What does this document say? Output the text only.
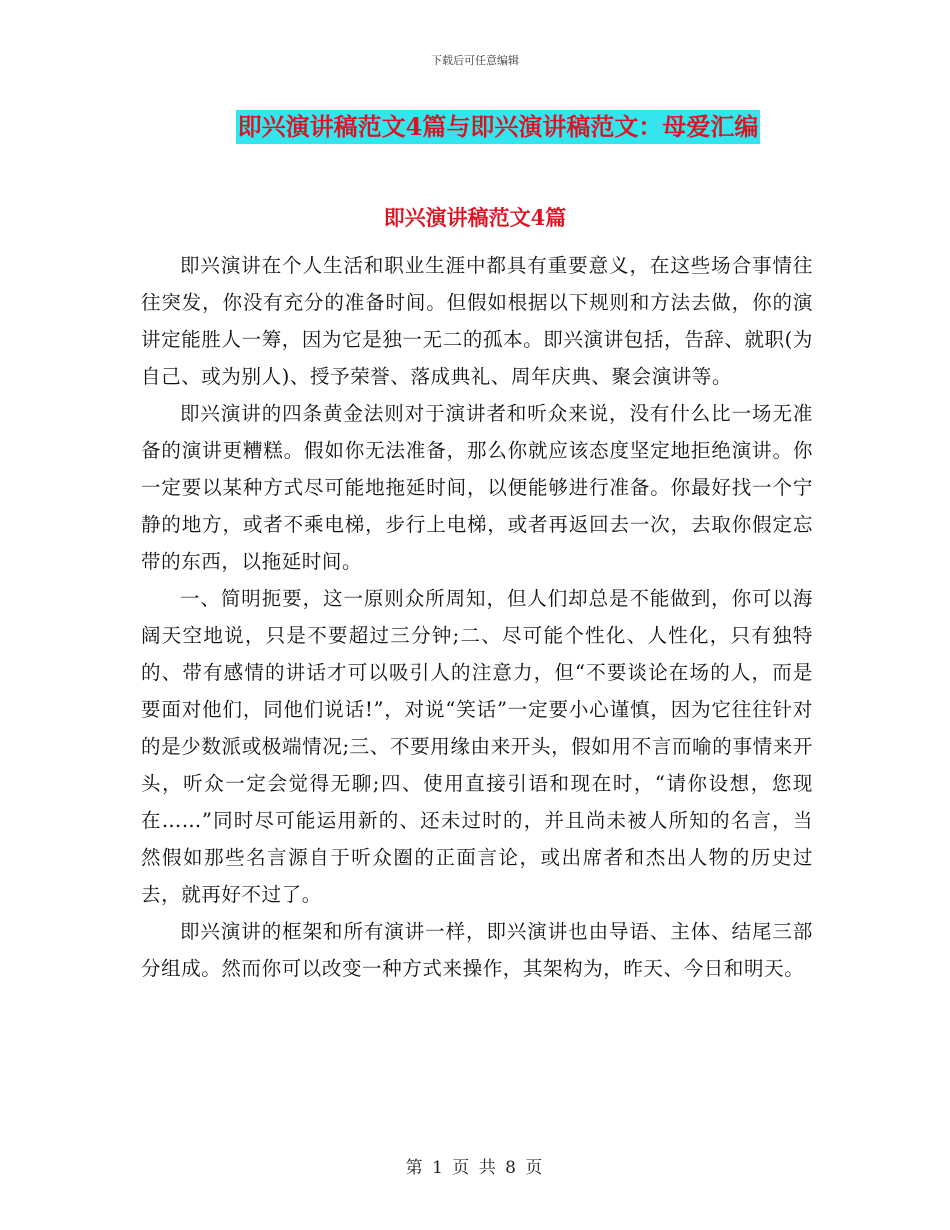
下载后可任意编辑
即兴演讲稿范文4篇与即兴演讲稿范文：母爱汇编
即兴演讲稿范文4篇

即兴演讲在个人生活和职业生涯中都具有重要意义，在这些场合事情往往突发，你没有充分的准备时间。但假如根据以下规则和方法去做，你的演讲定能胜人一筹，因为它是独一无二的孤本。即兴演讲包括，告辞、就职(为自己、或为别人)、授予荣誉、落成典礼、周年庆典、聚会演讲等。

即兴演讲的四条黄金法则对于演讲者和听众来说，没有什么比一场无准备的演讲更糟糕。假如你无法准备，那么你就应该态度坚定地拒绝演讲。你一定要以某种方式尽可能地拖延时间，以便能够进行准备。你最好找一个宁静的地方，或者不乘电梯，步行上电梯，或者再返回去一次，去取你假定忘带的东西，以拖延时间。

一、简明扼要，这一原则众所周知，但人们却总是不能做到，你可以海阔天空地说，只是不要超过三分钟;二、尽可能个性化、人性化，只有独特的、带有感情的讲话才可以吸引人的注意力，但“不要谈论在场的人，而是要面对他们，同他们说话!”，对说“笑话”一定要小心谨慎，因为它往往针对的是少数派或极端情况;三、不要用缘由来开头，假如用不言而喻的事情来开头，听众一定会觉得无聊;四、使用直接引语和现在时，“请你设想，您现在……”同时尽可能运用新的、还未过时的，并且尚未被人所知的名言，当然假如那些名言源自于听众圈的正面言论，或出席者和杰出人物的历史过去，就再好不过了。

即兴演讲的框架和所有演讲一样，即兴演讲也由导语、主体、结尾三部分组成。然而你可以改变一种方式来操作，其架构为，昨天、今日和明天。

第 1 页 共 8 页
